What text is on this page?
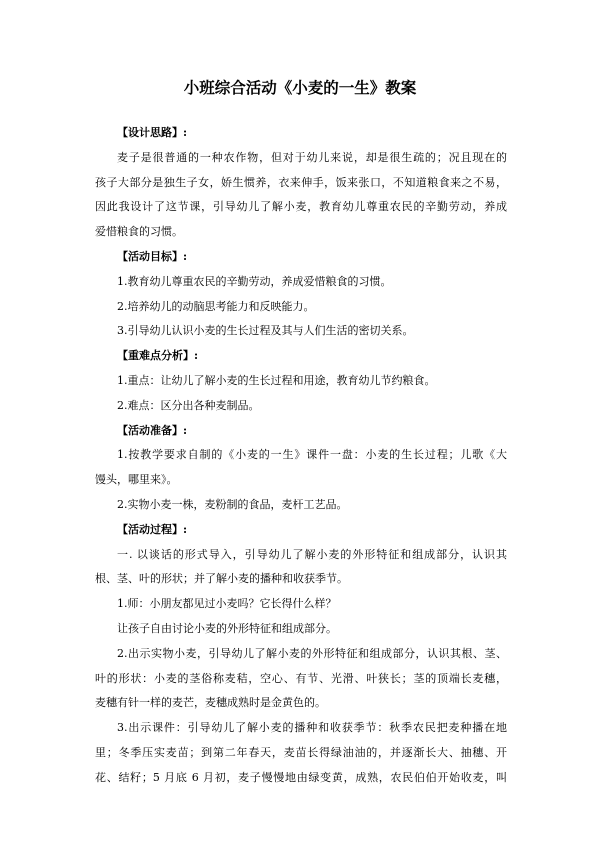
小班综合活动《小麦的一生》教案
【设计思路】:
麦子是很普通的一种农作物，但对于幼儿来说，却是很生疏的；况且现在的
孩子大部分是独生子女，娇生惯养，衣来伸手，饭来张口，不知道粮食来之不易，
因此我设计了这节课，引导幼儿了解小麦，教育幼儿尊重农民的辛勤劳动，养成
爱惜粮食的习惯。
【活动目标】:
1.教育幼儿尊重农民的辛勤劳动，养成爱惜粮食的习惯。
2.培养幼儿的动脑思考能力和反映能力。
3.引导幼儿认识小麦的生长过程及其与人们生活的密切关系。
【重难点分析】:
1.重点：让幼儿了解小麦的生长过程和用途，教育幼儿节约粮食。
2.难点：区分出各种麦制品。
【活动准备】:
1.按教学要求自制的《小麦的一生》课件一盘：小麦的生长过程；儿歌《大
馒头，哪里来》。
2.实物小麦一株，麦粉制的食品，麦杆工艺品。
【活动过程】:
一. 以谈话的形式导入，引导幼儿了解小麦的外形特征和组成部分，认识其
根、茎、叶的形状；并了解小麦的播种和收获季节。
1.师：小朋友都见过小麦吗？它长得什么样？
让孩子自由讨论小麦的外形特征和组成部分。
2.出示实物小麦，引导幼儿了解小麦的外形特征和组成部分，认识其根、茎、
叶的形状：小麦的茎俗称麦秸，空心、有节、光滑、叶狭长；茎的顶端长麦穗，
麦穗有针一样的麦芒，麦穗成熟时是金黄色的。
3.出示课件：引导幼儿了解小麦的播种和收获季节：秋季农民把麦种播在地
里；冬季压实麦苗；到第二年春天，麦苗长得绿油油的，并逐渐长大、抽穗、开
花、结籽；5 月底 6 月初，麦子慢慢地由绿变黄，成熟，农民伯伯开始收麦，叫
